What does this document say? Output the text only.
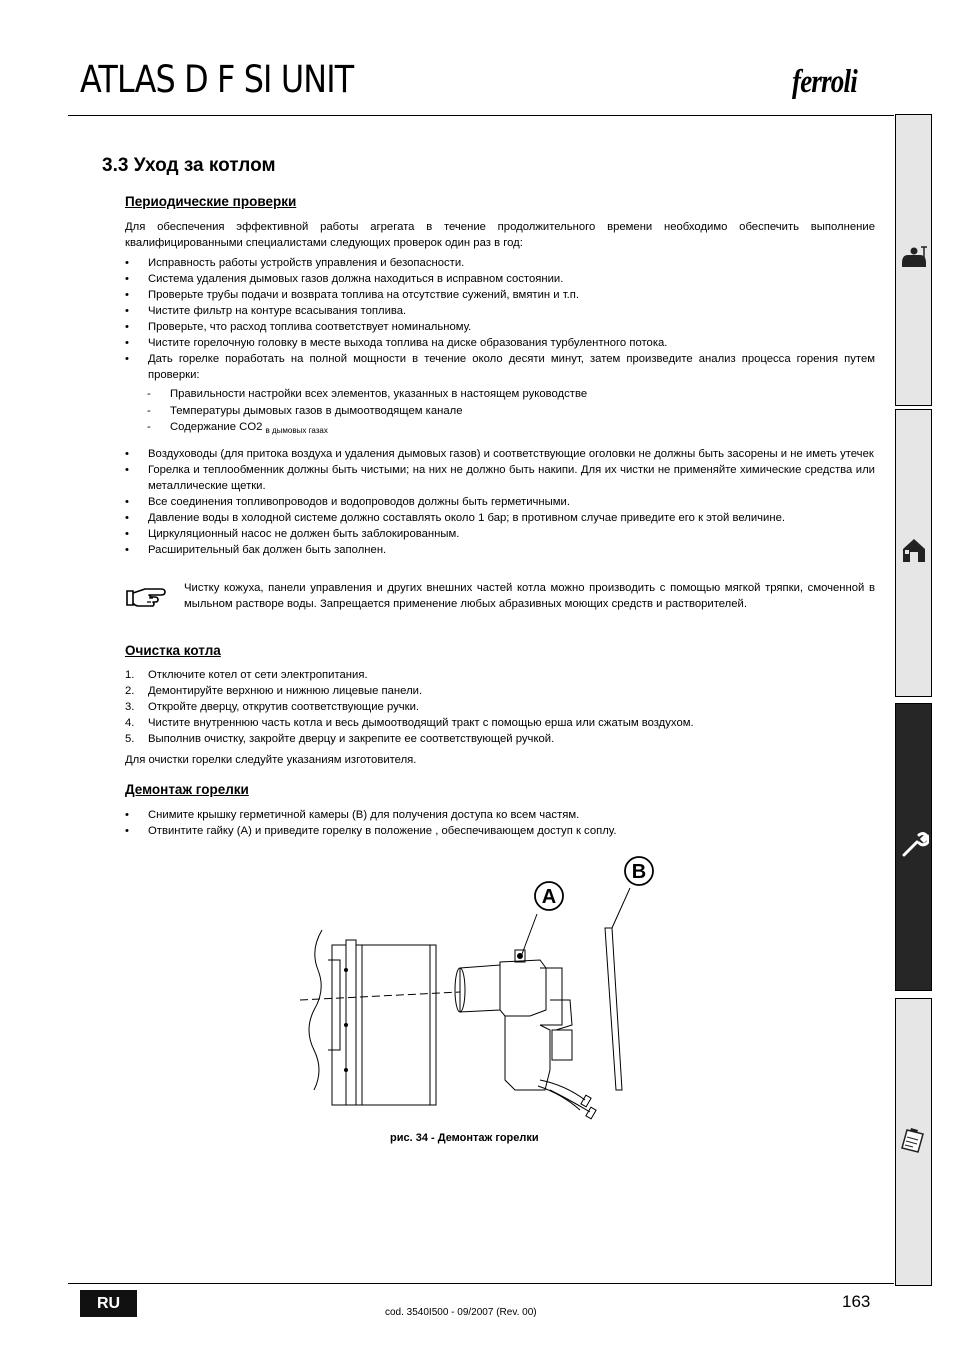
ATLAS D F SI UNIT	ferroli
3.3 Уход за котлом
Периодические проверки
Для обеспечения эффективной работы агрегата в течение продолжительного времени необходимо обеспечить выполнение квалифицированными специалистами следующих проверок один раз в год:
• Исправность работы устройств управления и безопасности.
• Система удаления дымовых газов должна находиться в исправном состоянии.
• Проверьте трубы подачи и возврата топлива на отсутствие сужений, вмятин и т.п.
• Чистите фильтр на контуре всасывания топлива.
• Проверьте, что расход топлива соответствует номинальному.
• Чистите горелочную головку в месте выхода топлива на диске образования турбулентного потока.
• Дать горелке поработать на полной мощности в течение около десяти минут, затем произведите анализ процесса горения путем проверки:
- Правильности настройки всех элементов, указанных в настоящем руководстве
- Температуры дымовых газов в дымоотводящем канале
- Содержание CO2 $_{в дымовых газах}$
• Воздуховоды (для притока воздуха и удаления дымовых газов) и соответствующие оголовки не должны быть засорены и не иметь утечек
• Горелка и теплообменник должны быть чистыми; на них не должно быть накипи. Для их чистки не применяйте химические средства или металлические щетки.
• Все соединения топливопроводов и водопроводов должны быть герметичными.
• Давление воды в холодной системе должно составлять около 1 бар; в противном случае приведите его к этой величине.
• Циркуляционный насос не должен быть заблокированным.
• Расширительный бак должен быть заполнен.
Чистку кожуха, панели управления и других внешних частей котла можно производить с помощью мягкой тряпки, смоченной в мыльном растворе воды. Запрещается применение любых абразивных моющих средств и растворителей.
Очистка котла
1. Отключите котел от сети электропитания.
2. Демонтируйте верхнюю и нижнюю лицевые панели.
3. Откройте дверцу, открутив соответствующие ручки.
4. Чистите внутреннюю часть котла и весь дымоотводящий тракт с помощью ерша или сжатым воздухом.
5. Выполнив очистку, закройте дверцу и закрепите ее соответствующей ручкой.
Для очистки горелки следуйте указаниям изготовителя.
Демонтаж горелки
• Снимите крышку герметичной камеры (B) для получения доступа ко всем частям.
• Отвинтите гайку (A) и приведите горелку в положение , обеспечивающем доступ к соплу.
A
B
рис. 34 - Демонтаж горелки
RU	163
cod. 3540I500 - 09/2007 (Rev. 00)
